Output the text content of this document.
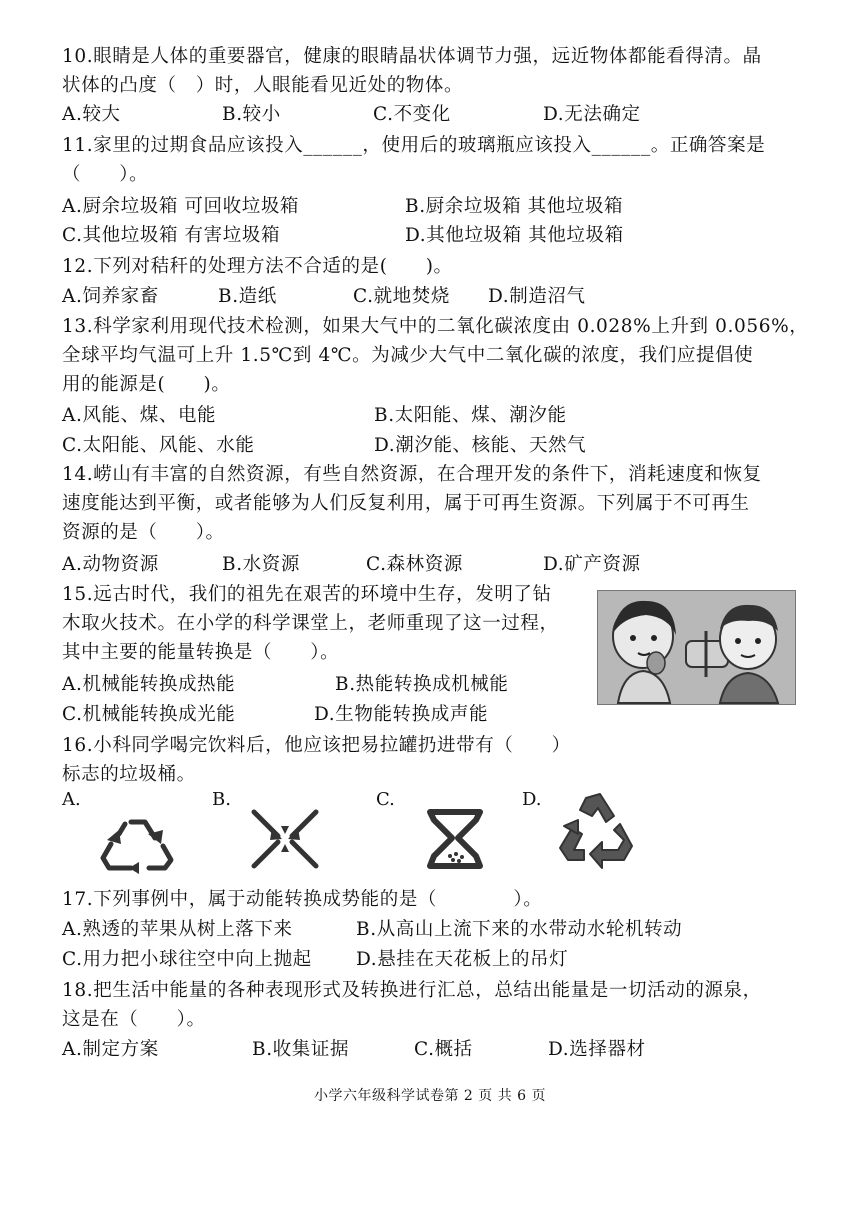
10.眼睛是人体的重要器官，健康的眼睛晶状体调节力强，远近物体都能看得清。晶
状体的凸度（　）时，人眼能看见近处的物体。
A.较大	B.较小	C.不变化	D.无法确定
11.家里的过期食品应该投入______，使用后的玻璃瓶应该投入______。正确答案是
（　　）。
A.厨余垃圾箱 可回收垃圾箱	B.厨余垃圾箱 其他垃圾箱
C.其他垃圾箱 有害垃圾箱	D.其他垃圾箱 其他垃圾箱
12.下列对秸秆的处理方法不合适的是(　　)。
A.饲养家畜	B.造纸	C.就地焚烧 D.制造沼气
13.科学家利用现代技术检测，如果大气中的二氧化碳浓度由 0.028%上升到 0.056%，
全球平均气温可上升 1.5℃到 4℃。为减少大气中二氧化碳的浓度，我们应提倡使
用的能源是(　　)。
A.风能、煤、电能	B.太阳能、煤、潮汐能
C.太阳能、风能、水能	D.潮汐能、核能、天然气
14.崂山有丰富的自然资源，有些自然资源，在合理开发的条件下，消耗速度和恢复
速度能达到平衡，或者能够为人们反复利用，属于可再生资源。下列属于不可再生
资源的是（　　）。
A.动物资源	B.水资源	C.森林资源	D.矿产资源
15.远古时代，我们的祖先在艰苦的环境中生存，发明了钻
木取火技术。在小学的科学课堂上，老师重现了这一过程，
其中主要的能量转换是（　　）。
A.机械能转换成热能	B.热能转换成机械能
C.机械能转换成光能	D.生物能转换成声能
16.小科同学喝完饮料后，他应该把易拉罐扔进带有（　　）
标志的垃圾桶。
A.	B.	C.	D.
17.下列事例中，属于动能转换成势能的是（　　　　）。
A.熟透的苹果从树上落下来	B.从高山上流下来的水带动水轮机转动
C.用力把小球往空中向上抛起 D.悬挂在天花板上的吊灯
18.把生活中能量的各种表现形式及转换进行汇总，总结出能量是一切活动的源泉，
这是在（　　）。
A.制定方案	B.收集证据	C.概括	D.选择器材
小学六年级科学试卷第 2 页 共 6 页
